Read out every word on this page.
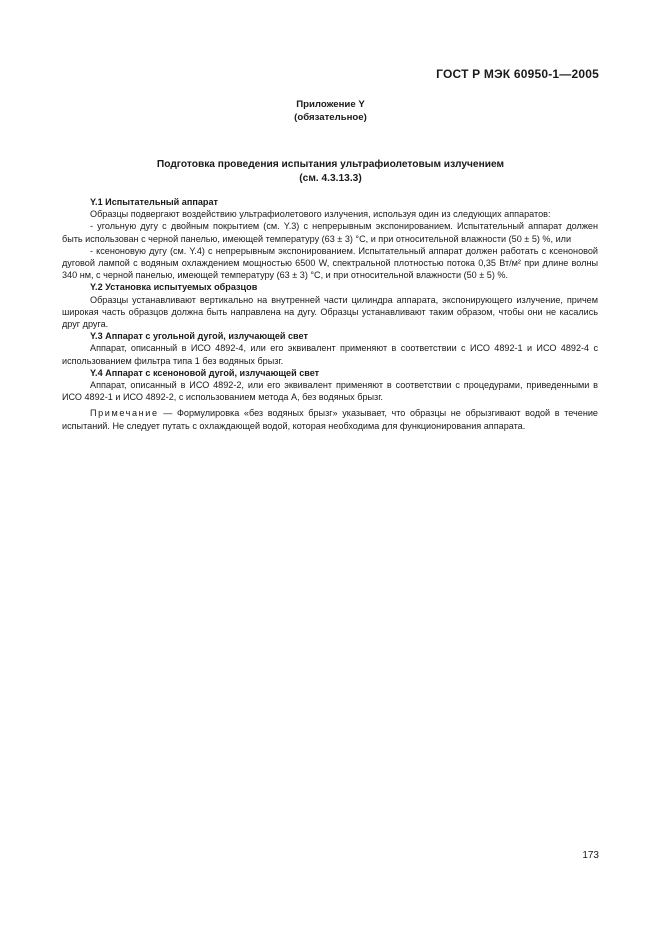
ГОСТ Р МЭК 60950-1—2005
Приложение Y
(обязательное)
Подготовка проведения испытания ультрафиолетовым излучением
(см. 4.3.13.3)

Y.1 Испытательный аппарат

Образцы подвергают воздействию ультрафиолетового излучения, используя один из следующих аппаратов:

- угольную дугу с двойным покрытием (см. Y.3) с непрерывным экспонированием. Испытательный аппарат должен быть использован с черной панелью, имеющей температуру (63 ± 3) °С, и при относительной влажности (50 ± 5) %, или

- ксеноновую дугу (см. Y.4) с непрерывным экспонированием. Испытательный аппарат должен работать с ксеноновой дуговой лампой с водяным охлаждением мощностью 6500 W, спектральной плотностью потока 0,35 Вт/м² при длине волны 340 нм, с черной панелью, имеющей температуру (63 ± 3) °С, и при относительной влажности (50 ± 5) %.

Y.2 Установка испытуемых образцов

Образцы устанавливают вертикально на внутренней части цилиндра аппарата, экспонирующего излучение, причем широкая часть образцов должна быть направлена на дугу. Образцы устанавливают таким образом, чтобы они не касались друг друга.

Y.3 Аппарат с угольной дугой, излучающей свет

Аппарат, описанный в ИСО 4892-4, или его эквивалент применяют в соответствии с ИСО 4892-1 и ИСО 4892-4 с использованием фильтра типа 1 без водяных брызг.

Y.4 Аппарат с ксеноновой дугой, излучающей свет

Аппарат, описанный в ИСО 4892-2, или его эквивалент применяют в соответствии с процедурами, приведенными в ИСО 4892-1 и ИСО 4892-2, с использованием метода А, без водяных брызг.

Примечание — Формулировка «без водяных брызг» указывает, что образцы не обрызгивают водой в течение испытаний. Не следует путать с охлаждающей водой, которая необходима для функционирования аппарата.

173
